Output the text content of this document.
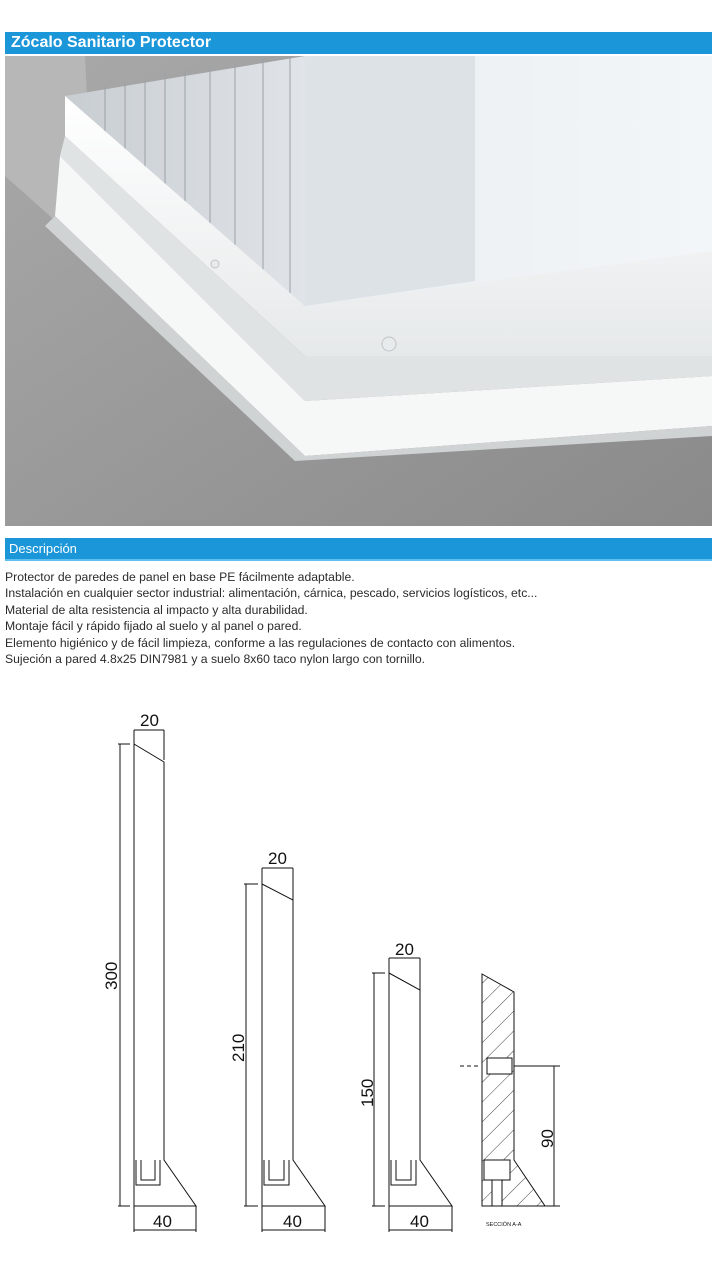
Zócalo Sanitario Protector
Descripción
Protector de paredes de panel en base PE fácilmente adaptable.
Instalación en cualquier sector industrial: alimentación, cárnica, pescado, servicios logísticos, etc...
Material de alta resistencia al impacto y alta durabilidad.
Montaje fácil y rápido fijado al suelo y al panel o pared.
Elemento higiénico y de fácil limpieza, conforme a las regulaciones de contacto con alimentos.
Sujeción a pared 4.8x25 DIN7981 y a suelo 8x60 taco nylon largo con tornillo.
20
40
300
20
40
210
20
40
150
90
SECCIÓN A-A
